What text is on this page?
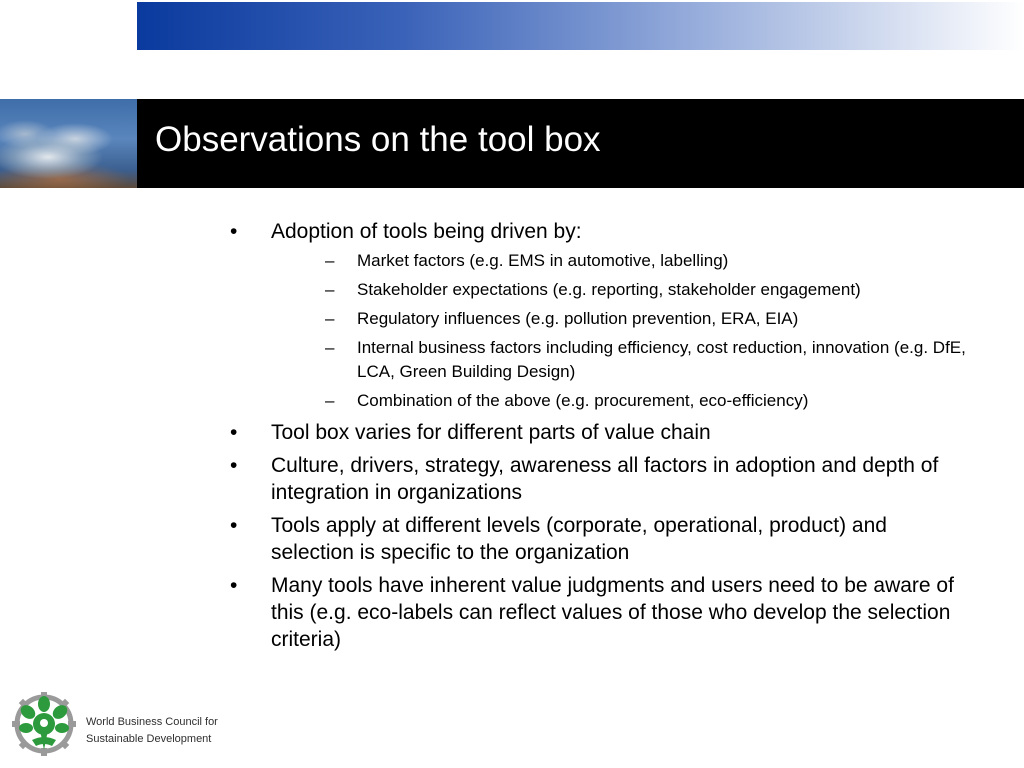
Observations on the tool box
•	Adoption of tools being driven by:
–	Market factors (e.g. EMS in automotive, labelling)
–	Stakeholder expectations (e.g. reporting, stakeholder engagement)
–	Regulatory influences (e.g. pollution prevention, ERA, EIA)
–	Internal business factors including efficiency, cost reduction, innovation (e.g. DfE, LCA, Green Building Design)
–	Combination of the above (e.g. procurement, eco-efficiency)
•	Tool box varies for different parts of value chain
•	Culture, drivers, strategy, awareness all factors in adoption and depth of integration in organizations
•	Tools apply at different levels (corporate, operational, product) and selection is specific to the organization
•	Many tools have inherent value judgments and users need to be aware of this (e.g. eco-labels can reflect values of those who develop the selection criteria)
World Business Council for
Sustainable Development
